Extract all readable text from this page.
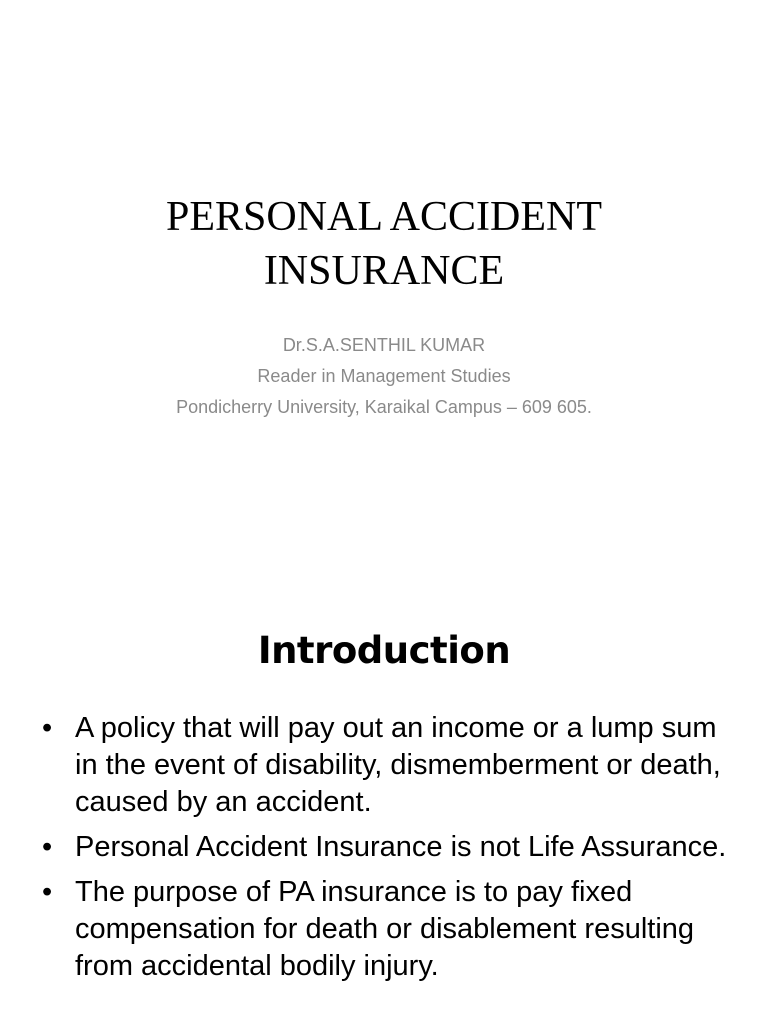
PERSONAL ACCIDENT
INSURANCE
Dr.S.A.SENTHIL KUMAR
Reader in Management Studies
Pondicherry University, Karaikal Campus – 609 605.
Introduction
• A policy that will pay out an income or a lump sum in the event of disability, dismemberment or death, caused by an accident.
• Personal Accident Insurance is not Life Assurance.
• The purpose of PA insurance is to pay fixed compensation for death or disablement resulting from accidental bodily injury.
